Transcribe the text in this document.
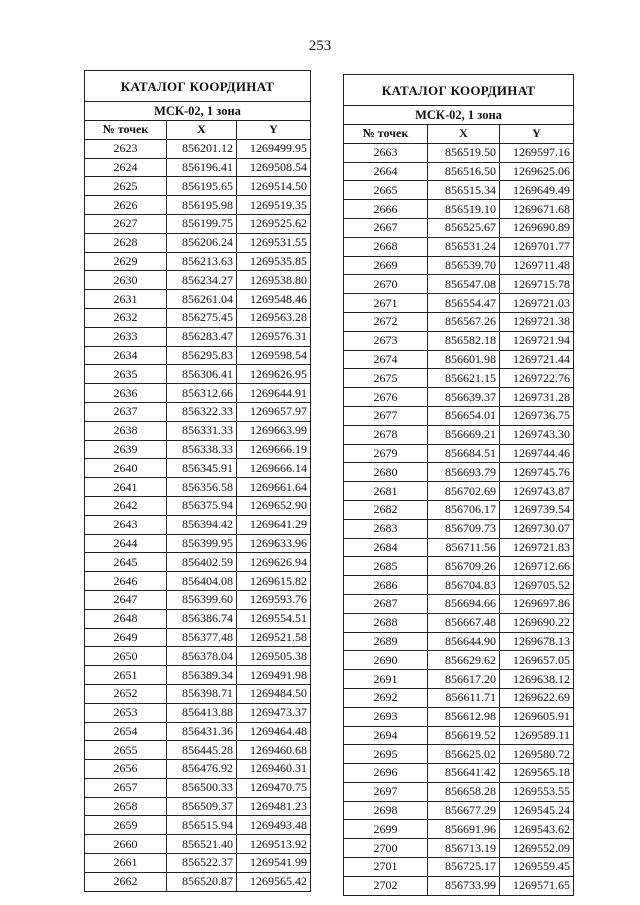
253
КАТАЛОГ КООРДИНАТ		
МСК-02, 1 зона		
№ точек	X	Y
2623	856201.12	1269499.95
2624	856196.41	1269508.54
2625	856195.65	1269514.50
2626	856195.98	1269519.35
2627	856199.75	1269525.62
2628	856206.24	1269531.55
2629	856213.63	1269535.85
2630	856234.27	1269538.80
2631	856261.04	1269548.46
2632	856275.45	1269563.28
2633	856283.47	1269576.31
2634	856295.83	1269598.54
2635	856306.41	1269626.95
2636	856312.66	1269644.91
2637	856322.33	1269657.97
2638	856331.33	1269663.99
2639	856338.33	1269666.19
2640	856345.91	1269666.14
2641	856356.58	1269661.64
2642	856375.94	1269652.90
2643	856394.42	1269641.29
2644	856399.95	1269633.96
2645	856402.59	1269626.94
2646	856404.08	1269615.82
2647	856399.60	1269593.76
2648	856386.74	1269554.51
2649	856377.48	1269521.58
2650	856378.04	1269505.38
2651	856389.34	1269491.98
2652	856398.71	1269484.50
2653	856413.88	1269473.37
2654	856431.36	1269464.48
2655	856445.28	1269460.68
2656	856476.92	1269460.31
2657	856500.33	1269470.75
2658	856509.37	1269481.23
2659	856515.94	1269493.48
2660	856521.40	1269513.92
2661	856522.37	1269541.99
2662	856520.87	1269565.42
КАТАЛОГ КООРДИНАТ		
МСК-02, 1 зона		
№ точек	X	Y
2663	856519.50	1269597.16
2664	856516.50	1269625.06
2665	856515.34	1269649.49
2666	856519.10	1269671.68
2667	856525.67	1269690.89
2668	856531.24	1269701.77
2669	856539.70	1269711.48
2670	856547.08	1269715.78
2671	856554.47	1269721.03
2672	856567.26	1269721.38
2673	856582.18	1269721.94
2674	856601.98	1269721.44
2675	856621.15	1269722.76
2676	856639.37	1269731.28
2677	856654.01	1269736.75
2678	856669.21	1269743.30
2679	856684.51	1269744.46
2680	856693.79	1269745.76
2681	856702.69	1269743.87
2682	856706.17	1269739.54
2683	856709.73	1269730.07
2684	856711.56	1269721.83
2685	856709.26	1269712.66
2686	856704.83	1269705.52
2687	856694.66	1269697.86
2688	856667.48	1269690.22
2689	856644.90	1269678.13
2690	856629.62	1269657.05
2691	856617.20	1269638.12
2692	856611.71	1269622.69
2693	856612.98	1269605.91
2694	856619.52	1269589.11
2695	856625.02	1269580.72
2696	856641.42	1269565.18
2697	856658.28	1269553.55
2698	856677.29	1269545.24
2699	856691.96	1269543.62
2700	856713.19	1269552.09
2701	856725.17	1269559.45
2702	856733.99	1269571.65
